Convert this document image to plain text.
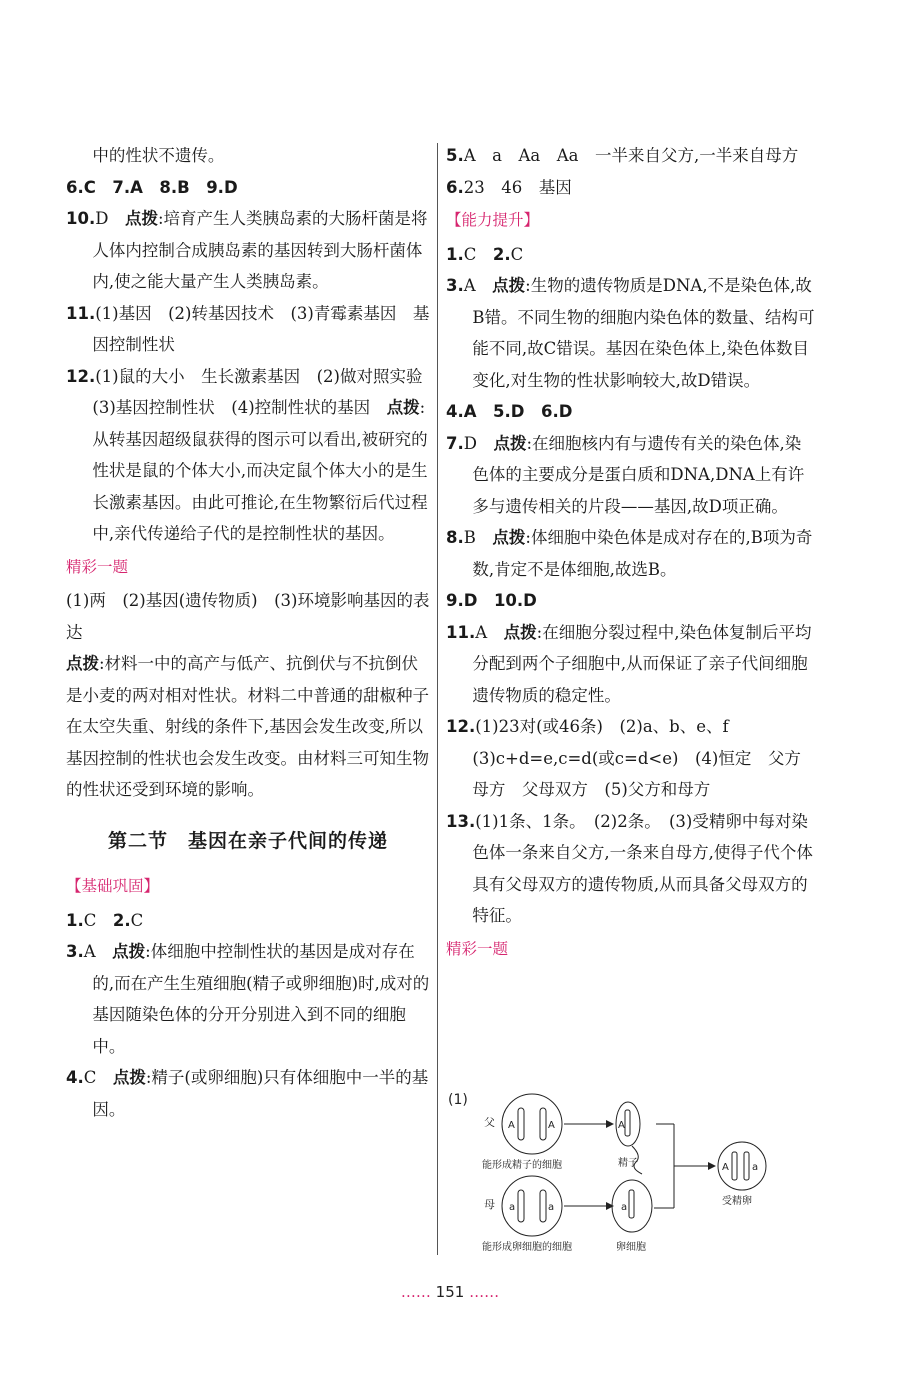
中的性状不遗传。

6.C　7.A　8.B　9.D

10.D　点拨:培育产生人类胰岛素的大肠杆菌是将人体内控制合成胰岛素的基因转到大肠杆菌体内,使之能大量产生人类胰岛素。

11.(1)基因　(2)转基因技术　(3)青霉素基因　基因控制性状

12.(1)鼠的大小　生长激素基因　(2)做对照实验　(3)基因控制性状　(4)控制性状的基因　点拨:从转基因超级鼠获得的图示可以看出,被研究的性状是鼠的个体大小,而决定鼠个体大小的是生长激素基因。由此可推论,在生物繁衍后代过程中,亲代传递给子代的是控制性状的基因。

精彩一题

(1)两　(2)基因(遗传物质)　(3)环境影响基因的表达

点拨:材料一中的高产与低产、抗倒伏与不抗倒伏是小麦的两对相对性状。材料二中普通的甜椒种子在太空失重、射线的条件下,基因会发生改变,所以基因控制的性状也会发生改变。由材料三可知生物的性状还受到环境的影响。

第二节　基因在亲子代间的传递

【基础巩固】

1.C　2.C

3.A　点拨:体细胞中控制性状的基因是成对存在的,而在产生生殖细胞(精子或卵细胞)时,成对的基因随染色体的分开分别进入到不同的细胞中。

4.C　点拨:精子(或卵细胞)只有体细胞中一半的基因。

5.A　a　Aa　Aa　一半来自父方,一半来自母方

6.23　46　基因

【能力提升】

1.C　2.C

3.A　点拨:生物的遗传物质是DNA,不是染色体,故B错。不同生物的细胞内染色体的数量、结构可能不同,故C错误。基因在染色体上,染色体数目变化,对生物的性状影响较大,故D错误。

4.A　5.D　6.D

7.D　点拨:在细胞核内有与遗传有关的染色体,染色体的主要成分是蛋白质和DNA,DNA上有许多与遗传相关的片段——基因,故D项正确。

8.B　点拨:体细胞中染色体是成对存在的,B项为奇数,肯定不是体细胞,故选B。

9.D　10.D

11.A　点拨:在细胞分裂过程中,染色体复制后平均分配到两个子细胞中,从而保证了亲子代间细胞遗传物质的稳定性。

12.(1)23对(或46条)　(2)a、b、e、f　(3)c+d=e,c=d(或c=d<e)　(4)恒定　父方　母方　父母双方　(5)父方和母方

13.(1)1条、1条。　(2)2条。　(3)受精卵中每对染色体一条来自父方,一条来自母方,使得子代个体具有父母双方的遗传物质,从而具备父母双方的特征。

精彩一题

(1)
父 A	A
能形成精子的细胞
A
精子	A a
受精卵
母 a	a
能形成卵细胞的细胞
a
卵细胞
…… 151 ……
